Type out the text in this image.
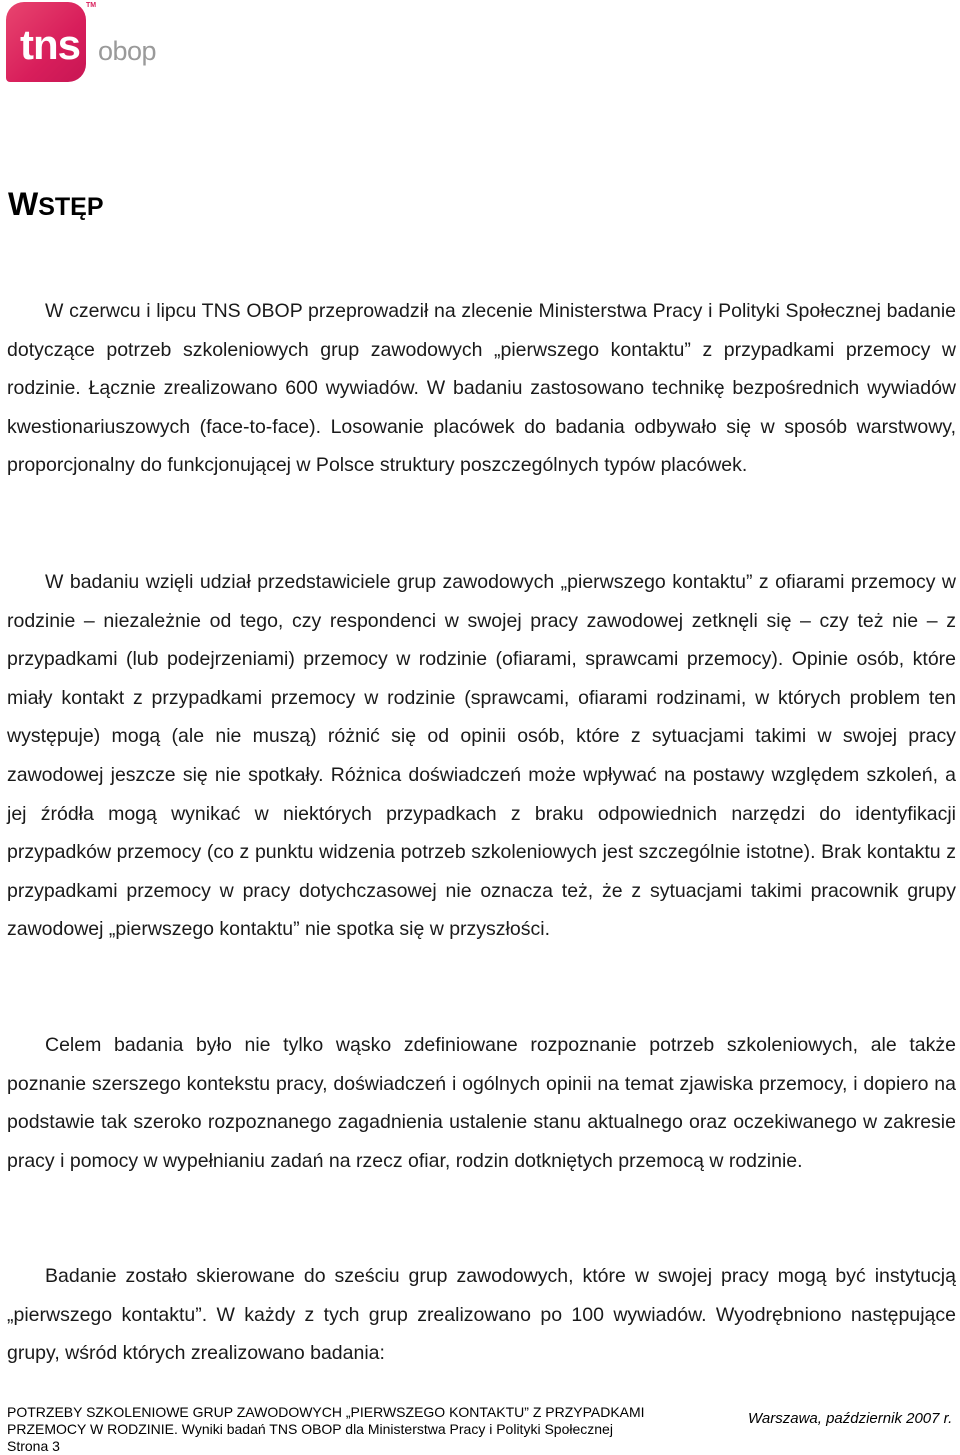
tns
TM
obop
WSTĘP

W czerwcu i lipcu TNS OBOP przeprowadził na zlecenie Ministerstwa Pracy i Polityki Społecznej badanie dotyczące potrzeb szkoleniowych grup zawodowych „pierwszego kontaktu” z przypadkami przemocy w rodzinie. Łącznie zrealizowano 600 wywiadów. W badaniu zastosowano technikę bezpośrednich wywiadów kwestionariuszowych (face-to-face). Losowanie placówek do badania odbywało się w sposób warstwowy, proporcjonalny do funkcjonującej w Polsce struktury poszczególnych typów placówek.

W badaniu wzięli udział przedstawiciele grup zawodowych „pierwszego kontaktu” z ofiarami przemocy w rodzinie – niezależnie od tego, czy respondenci w swojej pracy zawodowej zetknęli się – czy też nie – z przypadkami (lub podejrzeniami) przemocy w rodzinie (ofiarami, sprawcami przemocy). Opinie osób, które miały kontakt z przypadkami przemocy w rodzinie (sprawcami, ofiarami rodzinami, w których problem ten występuje) mogą (ale nie muszą) różnić się od opinii osób, które z sytuacjami takimi w swojej pracy zawodowej jeszcze się nie spotkały. Różnica doświadczeń może wpływać na postawy względem szkoleń, a jej źródła mogą wynikać w niektórych przypadkach z braku odpowiednich narzędzi do identyfikacji przypadków przemocy (co z punktu widzenia potrzeb szkoleniowych jest szczególnie istotne). Brak kontaktu z przypadkami przemocy w pracy dotychczasowej nie oznacza też, że z sytuacjami takimi pracownik grupy zawodowej „pierwszego kontaktu” nie spotka się w przyszłości.

Celem badania było nie tylko wąsko zdefiniowane rozpoznanie potrzeb szkoleniowych, ale także poznanie szerszego kontekstu pracy, doświadczeń i ogólnych opinii na temat zjawiska przemocy, i dopiero na podstawie tak szeroko rozpoznanego zagadnienia ustalenie stanu aktualnego oraz oczekiwanego w zakresie pracy i pomocy w wypełnianiu zadań na rzecz ofiar, rodzin dotkniętych przemocą w rodzinie.

Badanie zostało skierowane do sześciu grup zawodowych, które w swojej pracy mogą być instytucją „pierwszego kontaktu”. W każdy z tych grup zrealizowano po 100 wywiadów. Wyodrębniono następujące grupy, wśród których zrealizowano badania:

POTRZEBY SZKOLENIOWE GRUP ZAWODOWYCH „PIERWSZEGO KONTAKTU” Z PRZYPADKAMI
PRZEMOCY W RODZINIE. Wyniki badań TNS OBOP dla Ministerstwa Pracy i Polityki Społecznej
Strona 3
Warszawa, październik 2007 r.
